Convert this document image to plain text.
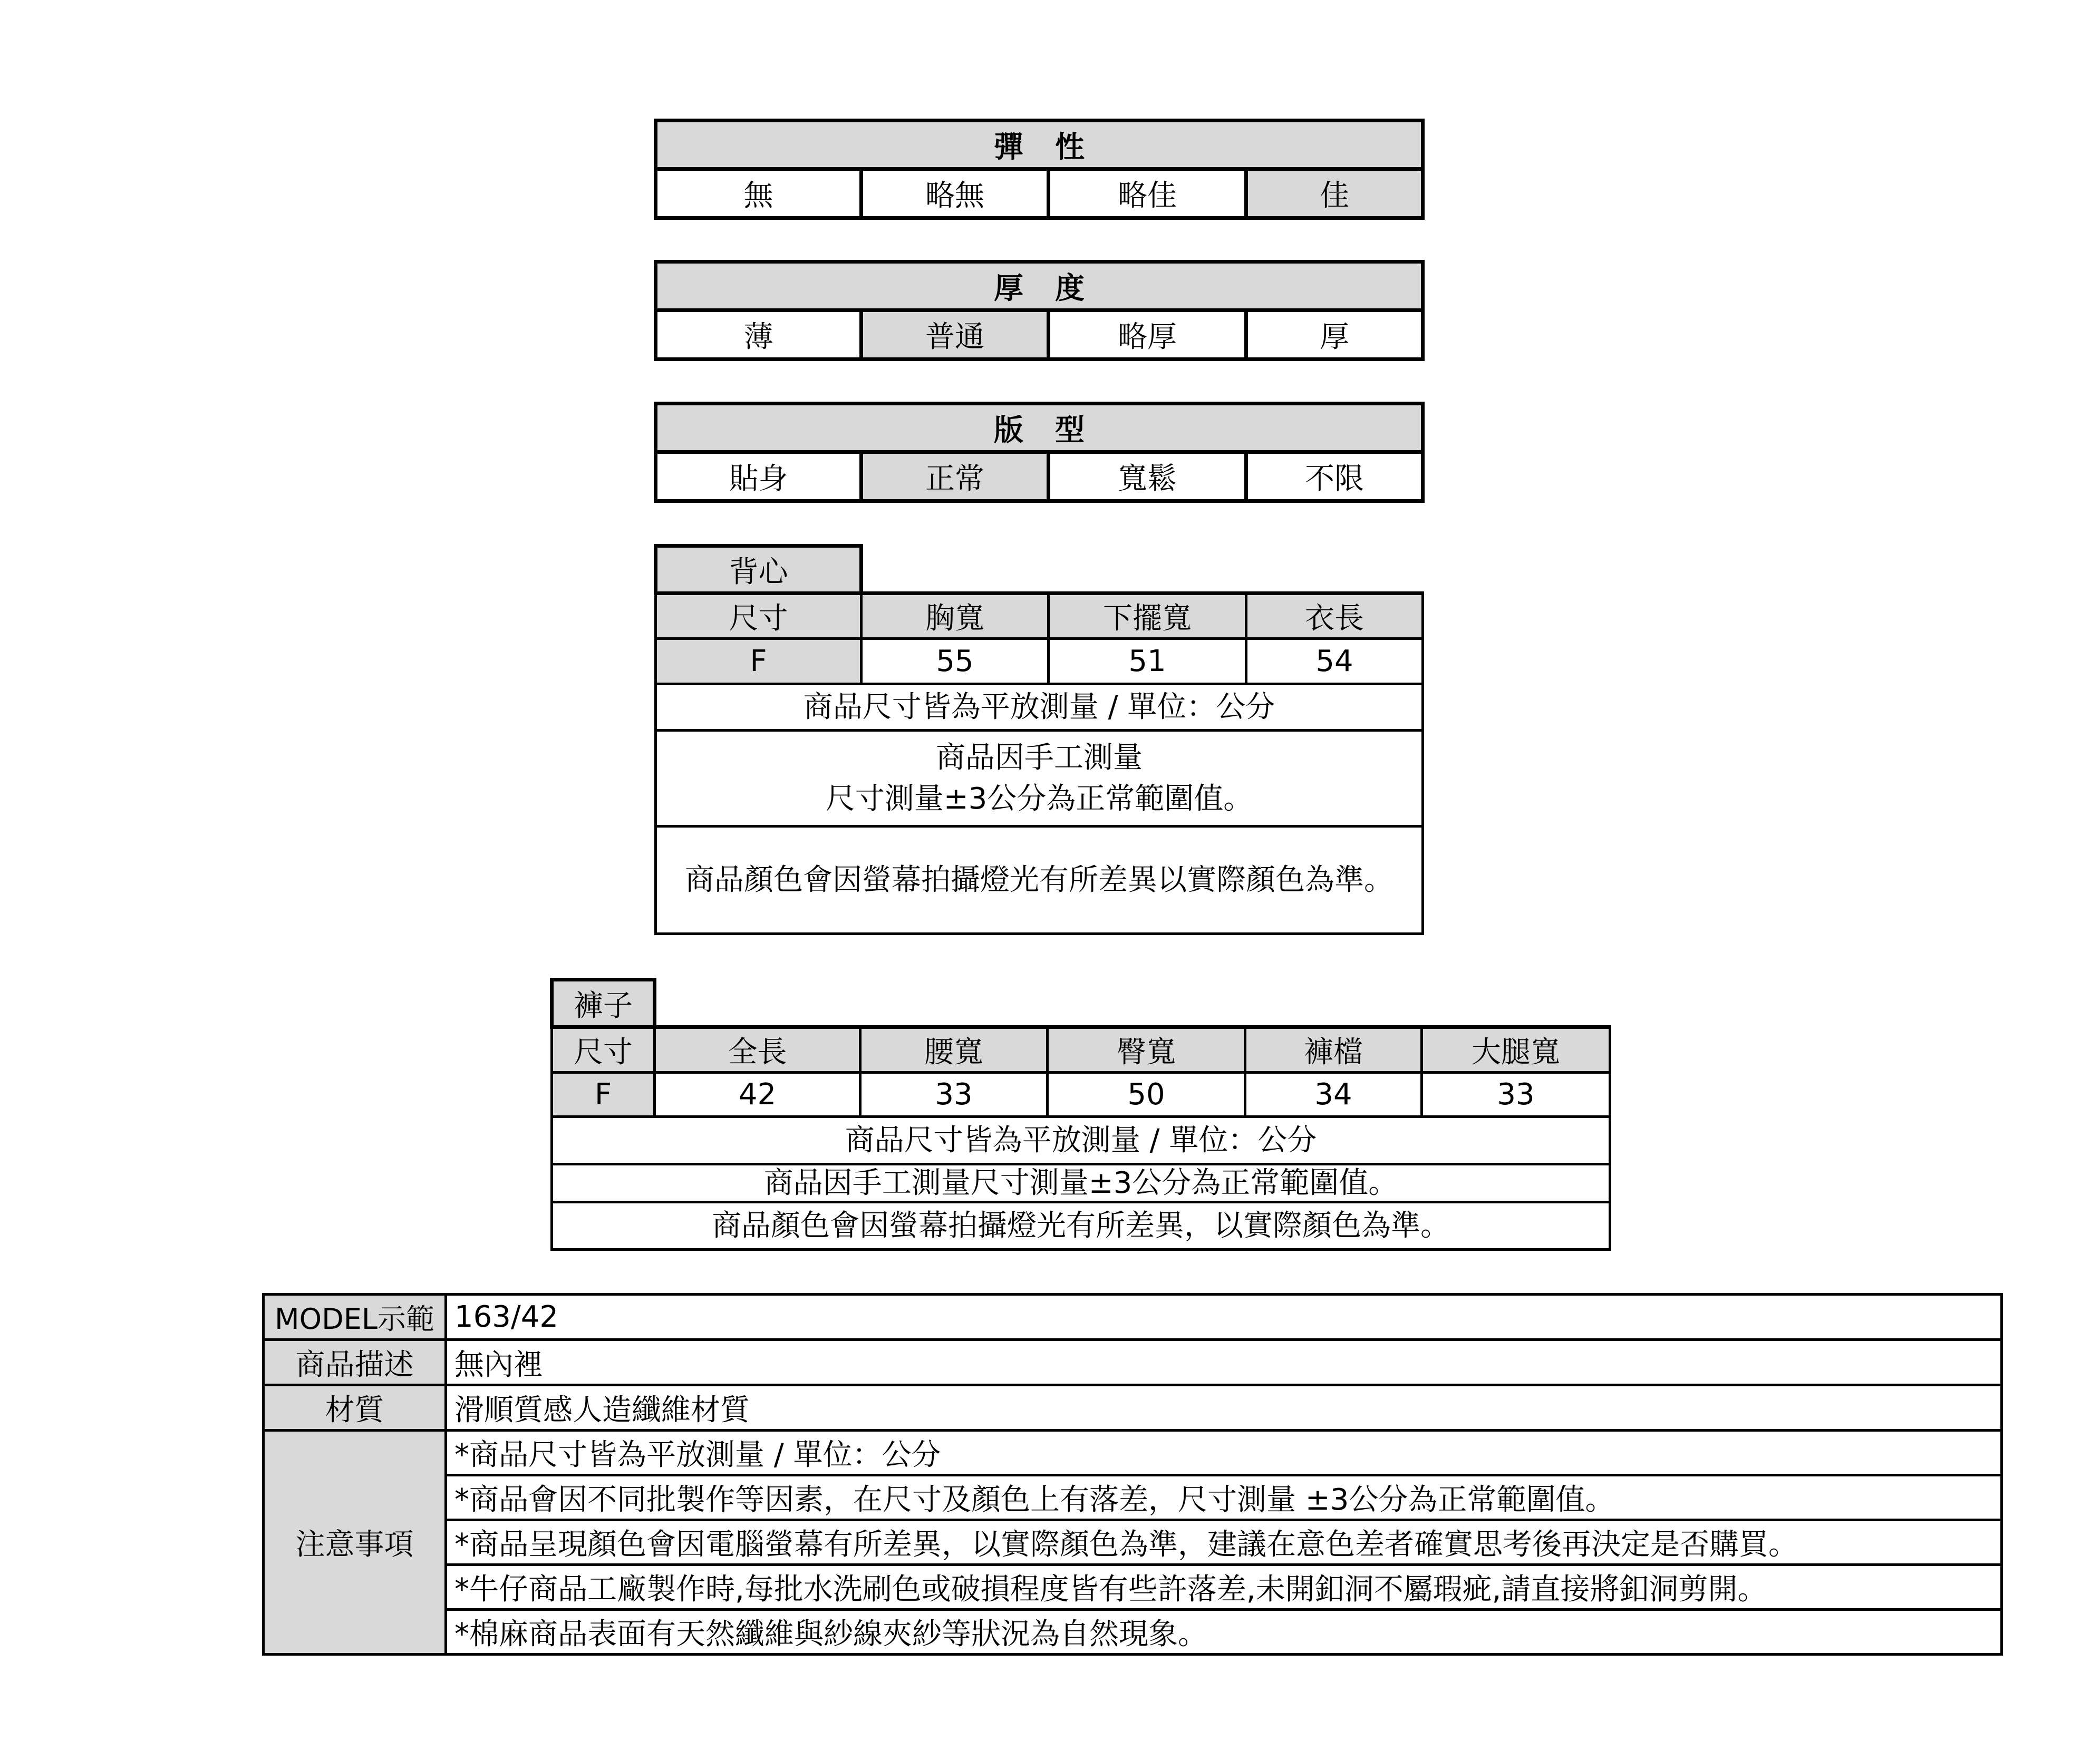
彈性
無	略無	略佳	佳
厚度
薄	普通	略厚	厚
版型
貼身	正常	寬鬆	不限
背心			
尺寸	胸寬	下擺寬	衣長
F	55	51	54
商品尺寸皆為平放測量 / 單位：公分			

商品因手工測量
尺寸測量±3公分為正常範圍值。			

商品顏色會因螢幕拍攝燈光有所差異以實際顏色為準。			
褲子					
尺寸	全長	腰寬	臀寬	褲檔	大腿寬
F	42	33	50	34	33
商品尺寸皆為平放測量 / 單位：公分					
商品因手工測量尺寸測量±3公分為正常範圍值。					
商品顏色會因螢幕拍攝燈光有所差異，以實際顏色為準。					
MODEL示範	163/42
商品描述	無內裡
材質	滑順質感人造纖維材質
注意事項	*商品尺寸皆為平放測量 / 單位：公分
	*商品會因不同批製作等因素，在尺寸及顏色上有落差，尺寸測量 ±3公分為正常範圍值。
	*商品呈現顏色會因電腦螢幕有所差異，以實際顏色為準，建議在意色差者確實思考後再決定是否購買。
	*牛仔商品工廠製作時,每批水洗刷色或破損程度皆有些許落差,未開釦洞不屬瑕疵,請直接將釦洞剪開。
	*棉麻商品表面有天然纖維與紗線夾紗等狀況為自然現象。
